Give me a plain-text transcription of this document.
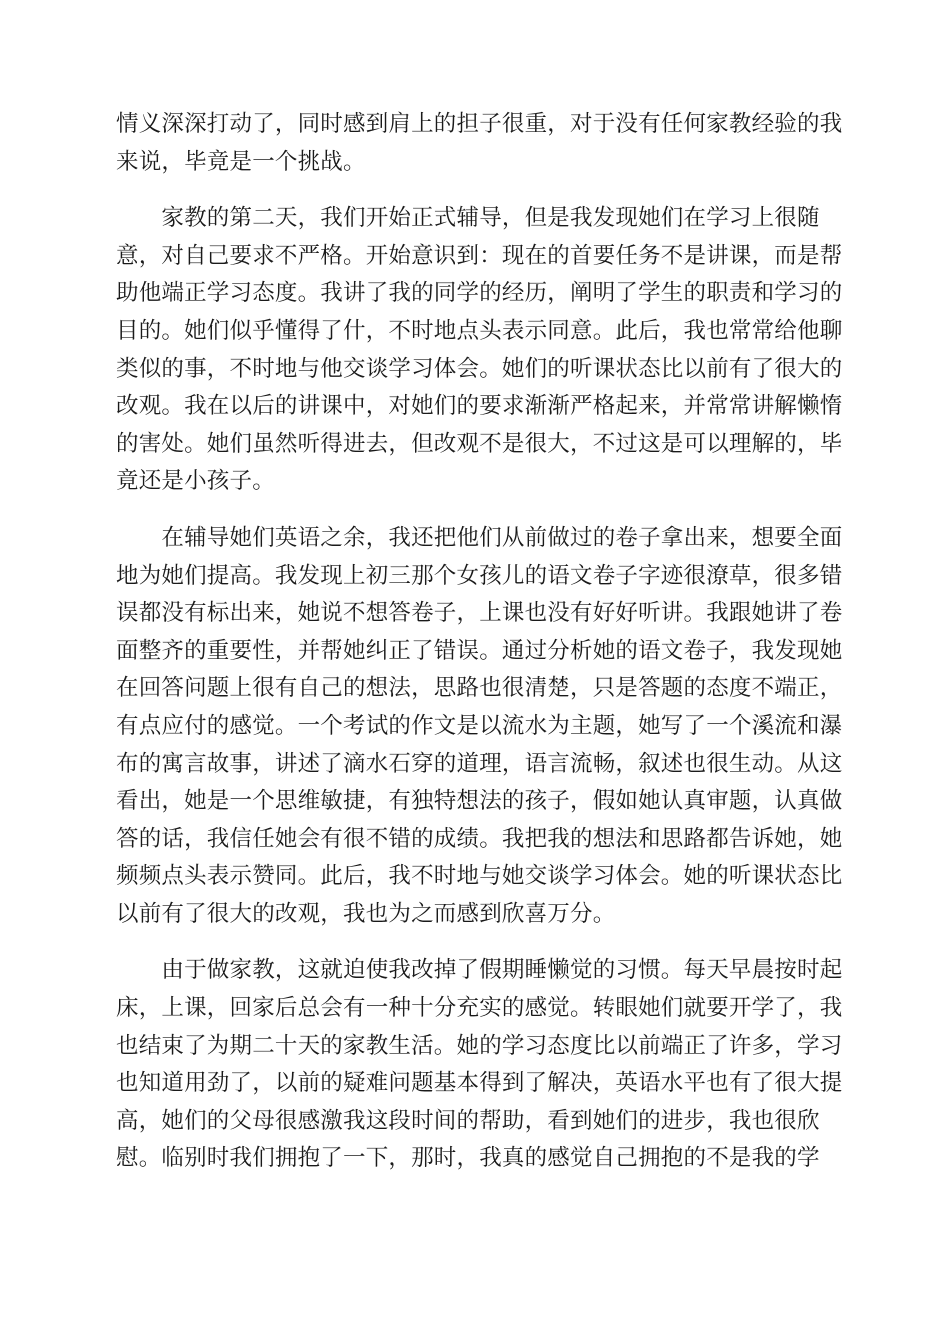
情义深深打动了，同时感到肩上的担子很重，对于没有任何家教经验的我
来说，毕竟是一个挑战。
　　家教的第二天，我们开始正式辅导，但是我发现她们在学习上很随
意，对自己要求不严格。开始意识到：现在的首要任务不是讲课，而是帮
助他端正学习态度。我讲了我的同学的经历，阐明了学生的职责和学习的
目的。她们似乎懂得了什，不时地点头表示同意。此后，我也常常给他聊
类似的事，不时地与他交谈学习体会。她们的听课状态比以前有了很大的
改观。我在以后的讲课中，对她们的要求渐渐严格起来，并常常讲解懒惰
的害处。她们虽然听得进去，但改观不是很大，不过这是可以理解的，毕
竟还是小孩子。
　　在辅导她们英语之余，我还把他们从前做过的卷子拿出来，想要全面
地为她们提高。我发现上初三那个女孩儿的语文卷子字迹很潦草，很多错
误都没有标出来，她说不想答卷子，上课也没有好好听讲。我跟她讲了卷
面整齐的重要性，并帮她纠正了错误。通过分析她的语文卷子，我发现她
在回答问题上很有自己的想法，思路也很清楚，只是答题的态度不端正，
有点应付的感觉。一个考试的作文是以流水为主题，她写了一个溪流和瀑
布的寓言故事，讲述了滴水石穿的道理，语言流畅，叙述也很生动。从这
看出，她是一个思维敏捷，有独特想法的孩子，假如她认真审题，认真做
答的话，我信任她会有很不错的成绩。我把我的想法和思路都告诉她，她
频频点头表示赞同。此后，我不时地与她交谈学习体会。她的听课状态比
以前有了很大的改观，我也为之而感到欣喜万分。
　　由于做家教，这就迫使我改掉了假期睡懒觉的习惯。每天早晨按时起
床，上课，回家后总会有一种十分充实的感觉。转眼她们就要开学了，我
也结束了为期二十天的家教生活。她的学习态度比以前端正了许多，学习
也知道用劲了，以前的疑难问题基本得到了解决，英语水平也有了很大提
高，她们的父母很感激我这段时间的帮助，看到她们的进步，我也很欣
慰。临别时我们拥抱了一下，那时，我真的感觉自己拥抱的不是我的学
